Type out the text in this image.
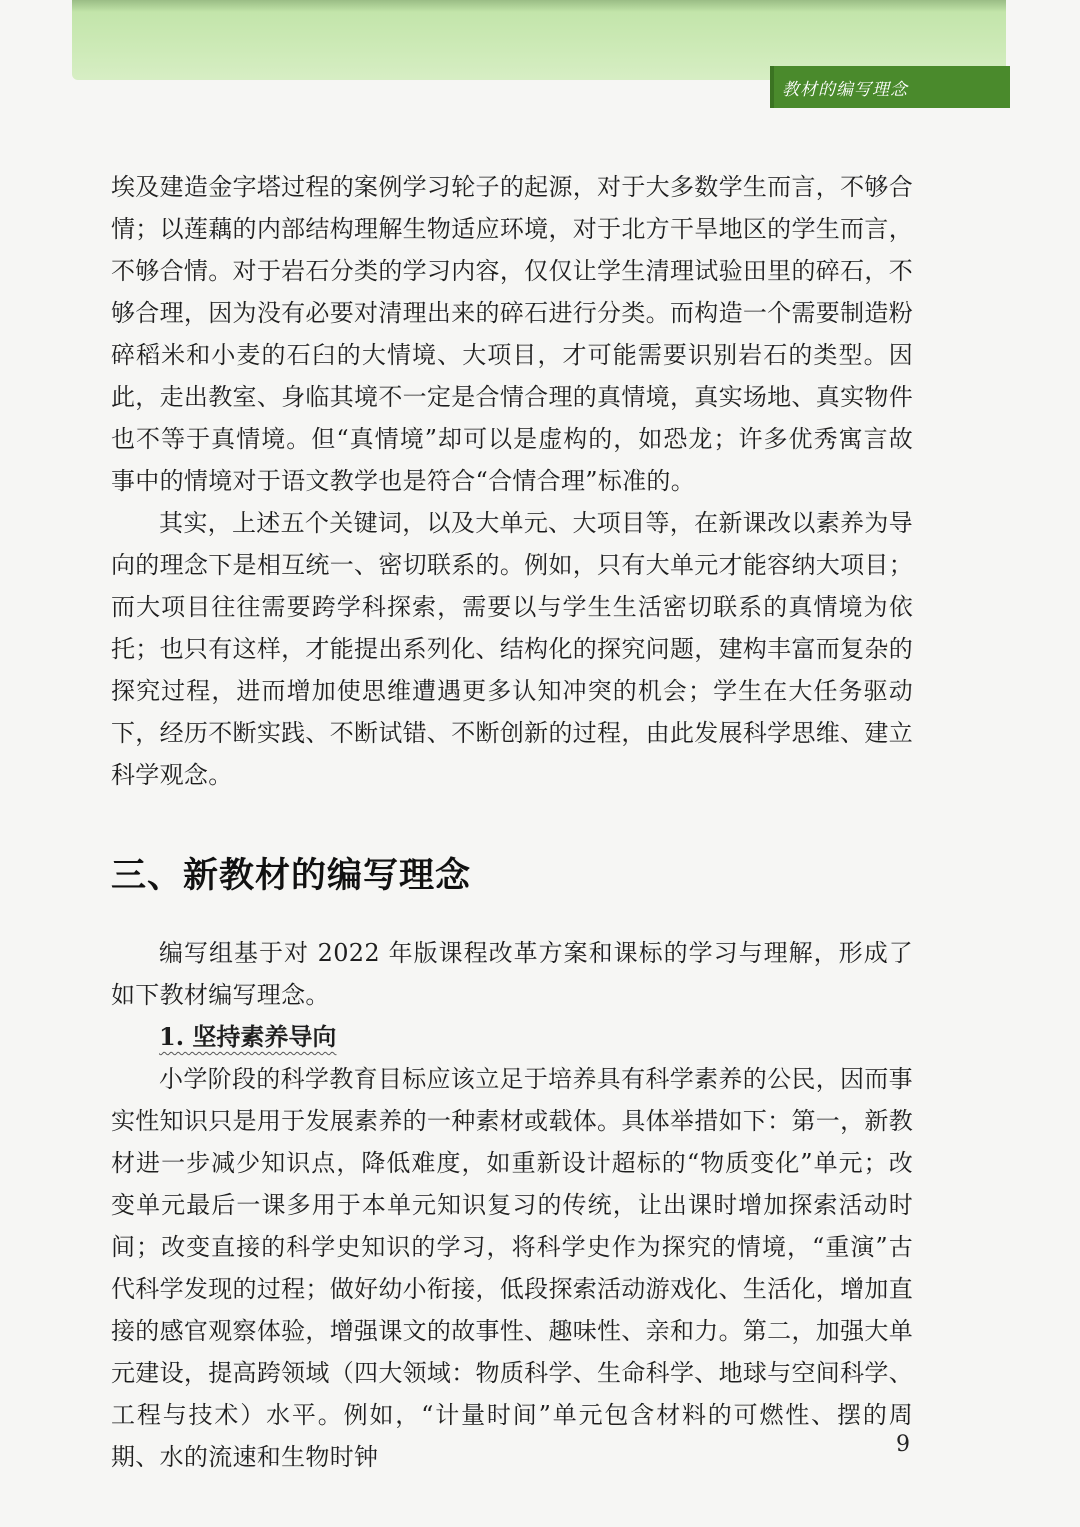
教材的编写理念

埃及建造金字塔过程的案例学习轮子的起源，对于大多数学生而言，不够合情；以莲藕的内部结构理解生物适应环境，对于北方干旱地区的学生而言，不够合情。对于岩石分类的学习内容，仅仅让学生清理试验田里的碎石，不够合理，因为没有必要对清理出来的碎石进行分类。而构造一个需要制造粉碎稻米和小麦的石臼的大情境、大项目，才可能需要识别岩石的类型。因此，走出教室、身临其境不一定是合情合理的真情境，真实场地、真实物件也不等于真情境。但“真情境”却可以是虚构的，如恐龙；许多优秀寓言故事中的情境对于语文教学也是符合“合情合理”标准的。

其实，上述五个关键词，以及大单元、大项目等，在新课改以素养为导向的理念下是相互统一、密切联系的。例如，只有大单元才能容纳大项目；而大项目往往需要跨学科探索，需要以与学生生活密切联系的真情境为依托；也只有这样，才能提出系列化、结构化的探究问题，建构丰富而复杂的探究过程，进而增加使思维遭遇更多认知冲突的机会；学生在大任务驱动下，经历不断实践、不断试错、不断创新的过程，由此发展科学思维、建立科学观念。

三、新教材的编写理念

编写组基于对 2022 年版课程改革方案和课标的学习与理解，形成了如下教材编写理念。

1. 坚持素养导向

小学阶段的科学教育目标应该立足于培养具有科学素养的公民，因而事实性知识只是用于发展素养的一种素材或载体。具体举措如下：第一，新教材进一步减少知识点，降低难度，如重新设计超标的“物质变化”单元；改变单元最后一课多用于本单元知识复习的传统，让出课时增加探索活动时间；改变直接的科学史知识的学习，将科学史作为探究的情境，“重演”古代科学发现的过程；做好幼小衔接，低段探索活动游戏化、生活化，增加直接的感官观察体验，增强课文的故事性、趣味性、亲和力。第二，加强大单元建设，提高跨领域（四大领域：物质科学、生命科学、地球与空间科学、工程与技术）水平。例如，“计量时间”单元包含材料的可燃性、摆的周期、水的流速和生物时钟	9
